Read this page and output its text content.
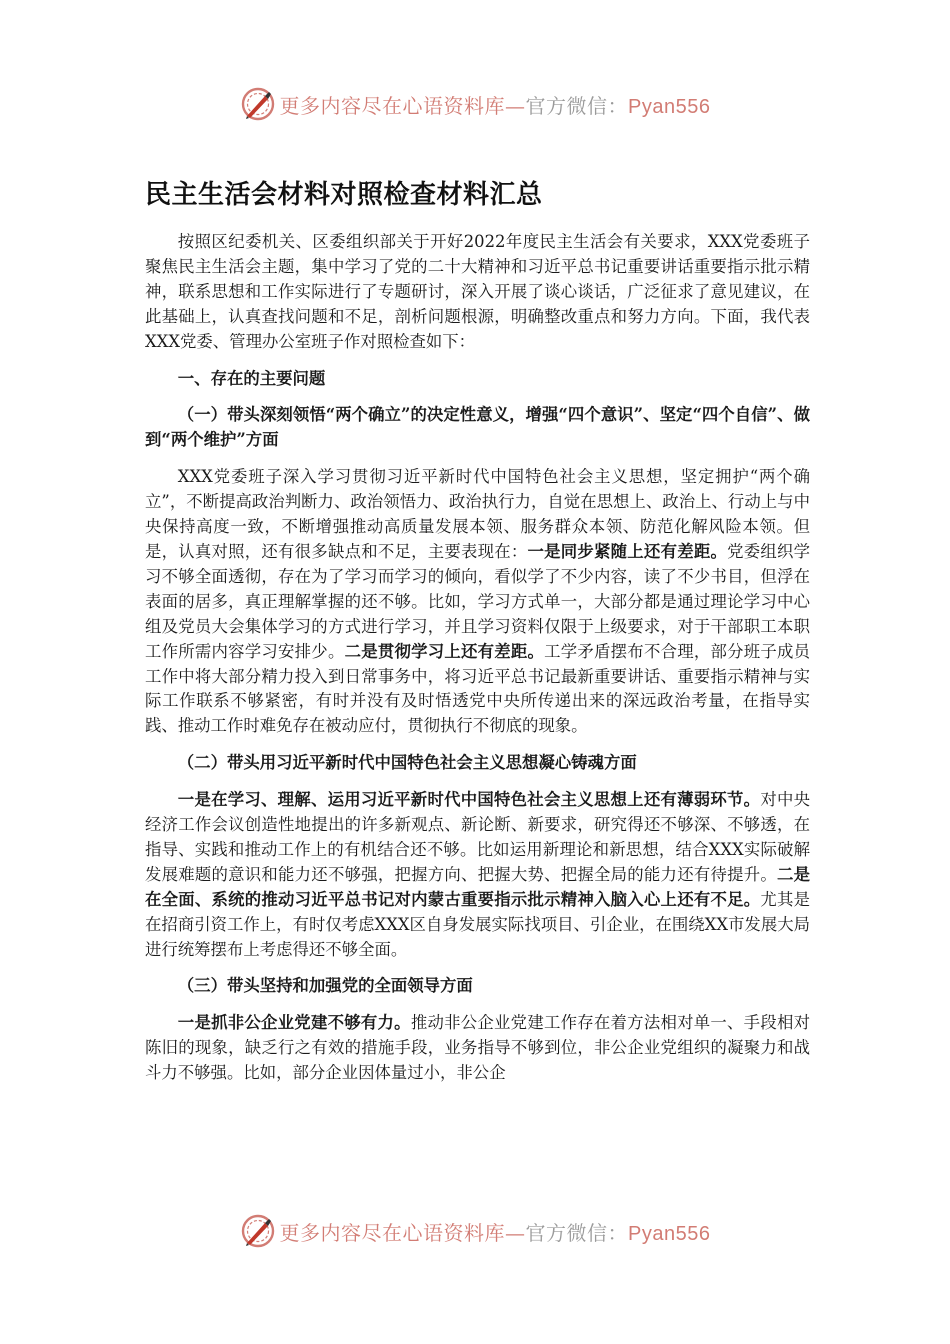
更多内容尽在心语资料库—官方微信：Pyan556
民主生活会材料对照检查材料汇总

按照区纪委机关、区委组织部关于开好2022年度民主生活会有关要求，XXX党委班子聚焦民主生活会主题，集中学习了党的二十大精神和习近平总书记重要讲话重要指示批示精神，联系思想和工作实际进行了专题研讨，深入开展了谈心谈话，广泛征求了意见建议，在此基础上，认真查找问题和不足，剖析问题根源，明确整改重点和努力方向。下面，我代表XXX党委、管理办公室班子作对照检查如下：

一、存在的主要问题
（一）带头深刻领悟“两个确立”的决定性意义，增强“四个意识”、坚定“四个自信”、做到“两个维护”方面

XXX党委班子深入学习贯彻习近平新时代中国特色社会主义思想，坚定拥护“两个确立”，不断提高政治判断力、政治领悟力、政治执行力，自觉在思想上、政治上、行动上与中央保持高度一致，不断增强推动高质量发展本领、服务群众本领、防范化解风险本领。但是，认真对照，还有很多缺点和不足，主要表现在：一是同步紧随上还有差距。党委组织学习不够全面透彻，存在为了学习而学习的倾向，看似学了不少内容，读了不少书目，但浮在表面的居多，真正理解掌握的还不够。比如，学习方式单一，大部分都是通过理论学习中心组及党员大会集体学习的方式进行学习，并且学习资料仅限于上级要求，对于干部职工本职工作所需内容学习安排少。二是贯彻学习上还有差距。工学矛盾摆布不合理，部分班子成员工作中将大部分精力投入到日常事务中，将习近平总书记最新重要讲话、重要指示精神与实际工作联系不够紧密，有时并没有及时悟透党中央所传递出来的深远政治考量，在指导实践、推动工作时难免存在被动应付，贯彻执行不彻底的现象。

（二）带头用习近平新时代中国特色社会主义思想凝心铸魂方面

一是在学习、理解、运用习近平新时代中国特色社会主义思想上还有薄弱环节。对中央经济工作会议创造性地提出的许多新观点、新论断、新要求，研究得还不够深、不够透，在指导、实践和推动工作上的有机结合还不够。比如运用新理论和新思想，结合XXX实际破解发展难题的意识和能力还不够强，把握方向、把握大势、把握全局的能力还有待提升。二是在全面、系统的推动习近平总书记对内蒙古重要指示批示精神入脑入心上还有不足。尤其是在招商引资工作上，有时仅考虑XXX区自身发展实际找项目、引企业，在围绕XX市发展大局进行统筹摆布上考虑得还不够全面。

（三）带头坚持和加强党的全面领导方面

一是抓非公企业党建不够有力。推动非公企业党建工作存在着方法相对单一、手段相对陈旧的现象，缺乏行之有效的措施手段，业务指导不够到位，非公企业党组织的凝聚力和战斗力不够强。比如，部分企业因体量过小，非公企

更多内容尽在心语资料库—官方微信：Pyan556
